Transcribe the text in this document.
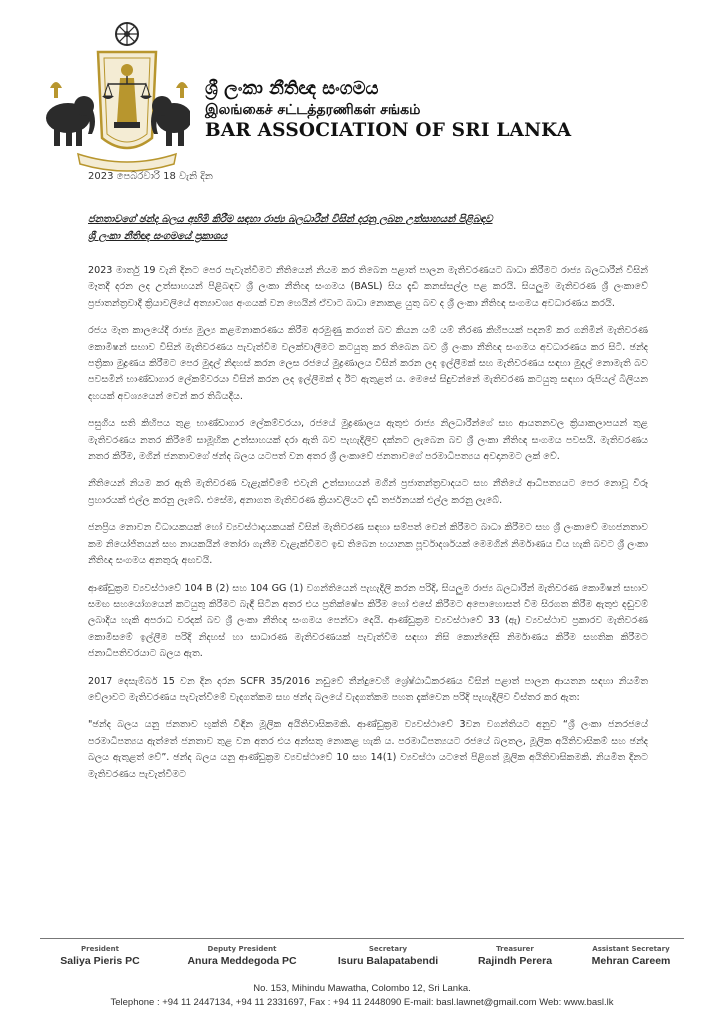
ශ්‍රී ලංකා නීතිඥ සංගමය
இலங்கைச் சட்டத்தரணிகள் சங்கம்
BAR ASSOCIATION OF SRI LANKA
2023 පෙබරවාරි 18 වැනි දින
ජනතාවගේ ඡන්ද බලය අහිමි කිරීම සඳහා රාජ්‍ය බලධාරීන් විසින් දරනු ලබන උත්සාහයන් පිළිබඳව
ශ්‍රී ලංකා නීතිඥ සංගමයේ ප්‍රකාශය

2023 මාර්තු 19 වැනි දිනට පෙර පැවැත්වීමට නීතියෙන් නියම කර තිබෙන පළාත් පාලන මැතිවරණයට බාධා කිරීමට රාජ්‍ය බලධාරීන් විසින් මෑතදී දරන ලද උත්සාහයන් පිළිබඳව ශ්‍රී ලංකා නීතිඥ සංගමය (BASL) සිය දැඩි කනස්සල්ල පළ කරයි. සියලුම මැතිවරණ ශ්‍රී ලංකාවේ ප්‍රජාතන්ත්‍රවාදී ක්‍රියාවලියේ අත්‍යාවශ්‍ය අංගයක් වන හෙයින් ඒවාට බාධා නොකළ යුතු බව ද ශ්‍රී ලංකා නීතිඥ සංගමය අවධාරණය කරයි.

රජය මෑත කාලයේදී රාජ්‍ය මුල්‍ය කළමනාකරණය කිරීම අරමුණු කරගත් බව කියන යම් යම් තීරණ කිහිපයක් පදනම් කර ගනිමින් මැතිවරණ කොමිෂන් සභාව විසින් මැතිවරණය පැවැත්වීම වලක්වාලීමට කටයුතු කර තිබෙන බව ශ්‍රී ලංකා නීතිඥ සංගමය අවධාරණය කර සිටී. ඡන්ද පත්‍රිකා මුද්‍රණය කිරීමට පෙර මුදල් නිදහස් කරන ලෙස රජයේ මුද්‍රණාලය විසින් කරන ලද ඉල්ලීමක් සහ මැතිවරණය සඳහා මුදල් නොමැති බව පවසමින් භාණ්ඩාගාර ලේකම්වරයා විසින් කරන ලද ඉල්ලීමක් ද ඊට ඇතුළත් ය. මෙසේ සිදුවන්නේ මැතිවරණ කටයුතු සඳහා රුපියල් බිලියන දහයක් අවශ්‍යයෙන් වෙන් කර තිබියදීය.

පසුගිය සති කිහිපය තුළ භාණ්ඩාගාර ලේකම්වරයා, රජයේ මුද්‍රණාලය ඇතුළු රාජ්‍ය නිලධාරීන්ගේ සහ ආයතනවල ක්‍රියාකලාපයන් තුළ මැතිවරණය නතර කිරීමේ සාමූහික උත්සාහයක් දරා ඇති බව පැහැදිලිව දක්නට ලැබෙන බව ශ්‍රී ලංකා නීතිඥ සංගමය පවසයි. මැතිවරණය නතර කිරීම, මගින් ජනතාවගේ ඡන්ද බලය යටපත් වන අතර ශ්‍රී ලංකාවේ ජනතාවගේ පරමාධිපත්‍යය අවදානමට ලක් වේ.

නීතියෙන් නියම කර ඇති මැතිවරණ වැළැක්වීමේ එවැනි උත්සාහයන් මගින් ප්‍රජාතන්ත්‍රවාදයට සහ නීතියේ ආධිපත්‍යයට පෙර නොවූ විරූ ප්‍රහාරයක් එල්ල කරනු ලැබේ. එසේම, අනාගත මැතිවරණ ක්‍රියාවලියට දැඩි තර්ජනයක් එල්ල කරනු ලැබේ.

ජනප්‍රිය නොවන විධායකයක් හෝ ව්‍යවස්ථාදායකයක් විසින් මැතිවරණ සඳහා සම්පත් වෙන් කිරීමට බාධා කිරීමට සහ ශ්‍රී ලංකාවේ මහජනතාව කම නියෝජිතයන් සහ නායකයින් තෝරා ගැනීම වැළැක්වීමට ඉඩ තිබෙන භයානක පූර්වාදර්ශයක් මෙමගින් නිර්මාණය විය හැකි බවට ශ්‍රී ලංකා නීතිඥ සංගමය අනතුරු අඟවයි.

ආණ්ඩුක්‍රම ව්‍යවස්ථාවේ 104 B (2) සහ 104 GG (1) වගන්තියෙන් පැහැදිලි කරන පරිදි, සියලුම රාජ්‍ය බලධාරීන් මැතිවරණ කොමිෂන් සභාව සමඟ සහයෝගයෙන් කටයුතු කිරීමට බැඳී සිටින අතර එය ප්‍රතික්ෂේප කිරීම හෝ එසේ කිරීමට අපොහොසත් වීම සිරගත කිරීම ඇතුළු දඬුවම් ලබාදිය හැකි අපරාධ වරදක් බව ශ්‍රී ලංකා නීතිඥ සංගමය පෙන්වා දෙයි. ආණ්ඩුක්‍රම ව්‍යවස්ථාවේ 33 (ඇ) ව්‍යවස්ථාව ප්‍රකාරව මැතිවරණ කොමිසමේ ඉල්ලීම පරිදි නිදහස් හා සාධාරණ මැතිවරණයක් පැවැත්වීම සඳහා නිසි කොන්දේසි නිර්මාණය කිරීම සහතික කිරීමට ජනාධිපතිවරයාට බලය ඇත.

2017 දෙසැම්බර් 15 වන දින දරන SCFR 35/2016 නඩුවේ තීන්දුවෙහි ශ්‍රේෂ්ඨාධිකරණය විසින් පළාත් පාලන ආයතන සඳහා නියමිත වේලාවට මැතිවරණය පැවැත්වීමේ වැදගත්කම සහ ඡන්ද බලයේ වැදගත්කම පහත දැක්වෙන පරිදි පැහැදිලිව විස්තර කර ඇත:

"ඡන්ද බලය යනු ජනතාව භුක්ති විඳින මූලික අයිතිවාසිකමකි. ආණ්ඩුක්‍රම ව්‍යවස්ථාවේ 3වන වගන්තියට අනුව “ශ්‍රී ලංකා ජනරජයේ පරමාධිපත්‍යය ඇත්තේ ජනතාව තුළ වන අතර එය අන්සතු නොකළ හැකි ය. පරමාධිපත්‍යයට රජයේ බලතල, මූලික අයිතිවාසිකම් සහ ඡන්ද බලය ඇතුළත් වේ”. ඡන්ද බලය යනු ආණ්ඩුක්‍රම ව්‍යවස්ථාවේ 10 සහ 14(1) ව්‍යවස්ථා යටතේ පිළිගත් මූලික අයිතිවාසිකමකි. නියමිත දිනට මැතිවරණය පැවැත්වීමට

President
Saliya Pieris PC
Deputy President
Anura Meddegoda PC
Secretary
Isuru Balapatabendi
Treasurer
Rajindh Perera
Assistant Secretary
Mehran Careem
No. 153, Mihindu Mawatha, Colombo 12, Sri Lanka.
Telephone : +94 11 2447134, +94 11 2331697, Fax : +94 11 2448090 E-mail: basl.lawnet@gmail.com Web: www.basl.lk
